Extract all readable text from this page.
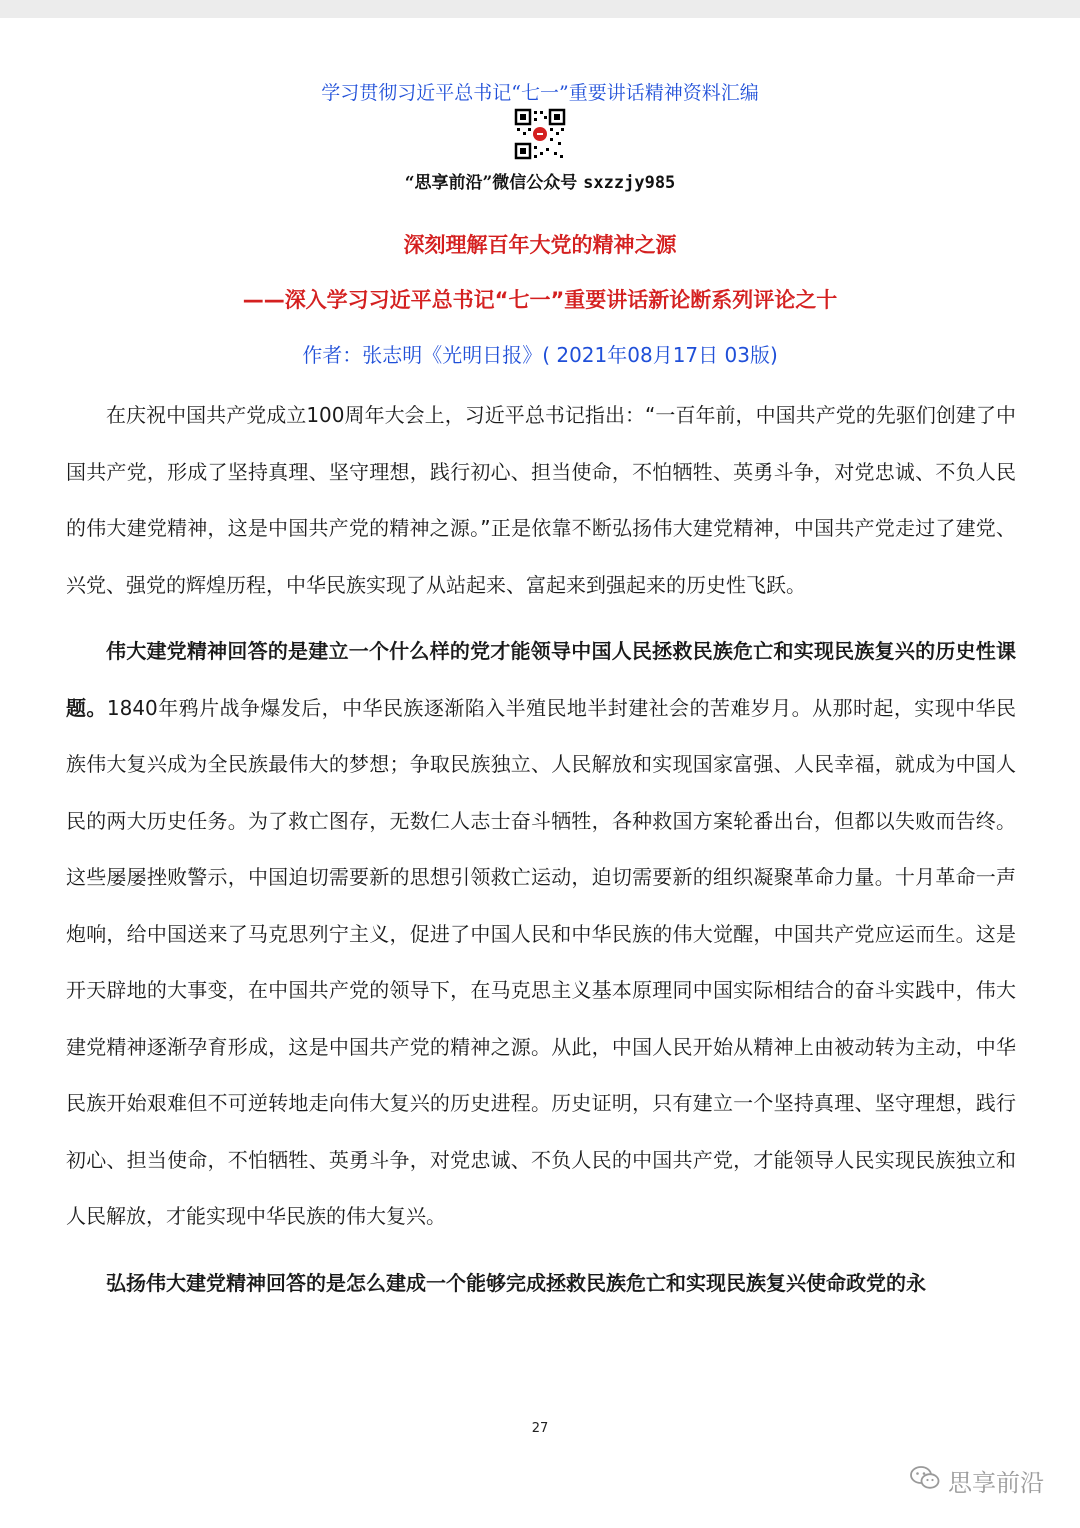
学习贯彻习近平总书记“七一”重要讲话精神资料汇编
“思享前沿”微信公众号 sxzzjy985
深刻理解百年大党的精神之源
——深入学习习近平总书记“七一”重要讲话新论断系列评论之十
作者：张志明《光明日报》( 2021年08月17日 03版)

在庆祝中国共产党成立100周年大会上，习近平总书记指出：“一百年前，中国共产党的先驱们创建了中国共产党，形成了坚持真理、坚守理想，践行初心、担当使命，不怕牺牲、英勇斗争，对党忠诚、不负人民的伟大建党精神，这是中国共产党的精神之源。”正是依靠不断弘扬伟大建党精神，中国共产党走过了建党、兴党、强党的辉煌历程，中华民族实现了从站起来、富起来到强起来的历史性飞跃。

伟大建党精神回答的是建立一个什么样的党才能领导中国人民拯救民族危亡和实现民族复兴的历史性课题。1840年鸦片战争爆发后，中华民族逐渐陷入半殖民地半封建社会的苦难岁月。从那时起，实现中华民族伟大复兴成为全民族最伟大的梦想；争取民族独立、人民解放和实现国家富强、人民幸福，就成为中国人民的两大历史任务。为了救亡图存，无数仁人志士奋斗牺牲，各种救国方案轮番出台，但都以失败而告终。这些屡屡挫败警示，中国迫切需要新的思想引领救亡运动，迫切需要新的组织凝聚革命力量。十月革命一声炮响，给中国送来了马克思列宁主义，促进了中国人民和中华民族的伟大觉醒，中国共产党应运而生。这是开天辟地的大事变，在中国共产党的领导下，在马克思主义基本原理同中国实际相结合的奋斗实践中，伟大建党精神逐渐孕育形成，这是中国共产党的精神之源。从此，中国人民开始从精神上由被动转为主动，中华民族开始艰难但不可逆转地走向伟大复兴的历史进程。历史证明，只有建立一个坚持真理、坚守理想，践行初心、担当使命，不怕牺牲、英勇斗争，对党忠诚、不负人民的中国共产党，才能领导人民实现民族独立和人民解放，才能实现中华民族的伟大复兴。

弘扬伟大建党精神回答的是怎么建成一个能够完成拯救民族危亡和实现民族复兴使命政党的永

27
思享前沿
